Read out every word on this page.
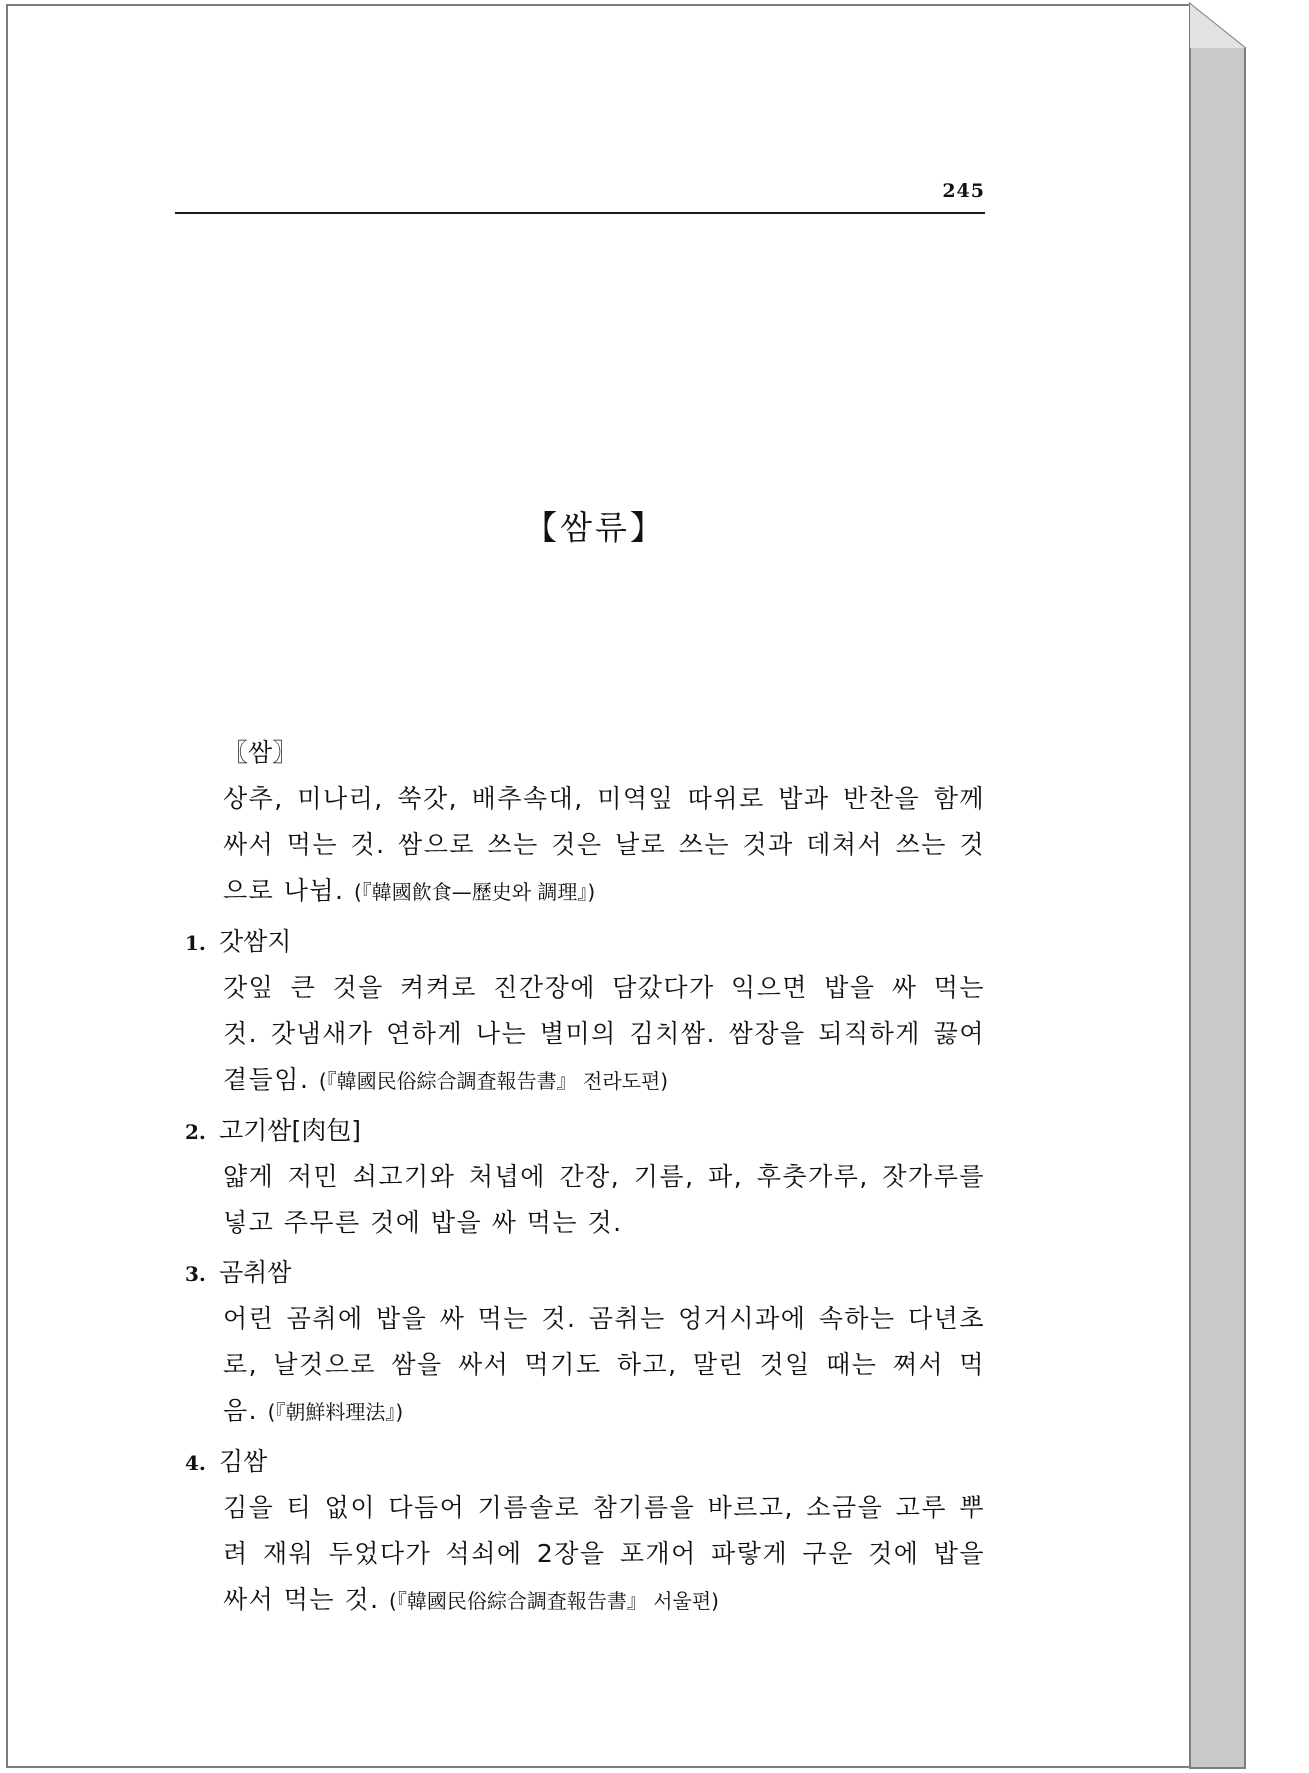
245
【쌈류】
〖쌈〗
상추, 미나리, 쑥갓, 배추속대, 미역잎 따위로 밥과 반찬을 함께
싸서 먹는 것. 쌈으로 쓰는 것은 날로 쓰는 것과 데쳐서 쓰는 것
으로 나뉨. (『韓國飮食—歷史와 調理』)
1. 갓쌈지
갓잎 큰 것을 켜켜로 진간장에 담갔다가 익으면 밥을 싸 먹는
것. 갓냄새가 연하게 나는 별미의 김치쌈. 쌈장을 되직하게 끓여
곁들임. (『韓國民俗綜合調査報告書』 전라도편)
2. 고기쌈[肉包]
얇게 저민 쇠고기와 처녑에 간장, 기름, 파, 후춧가루, 잣가루를
넣고 주무른 것에 밥을 싸 먹는 것.
3. 곰취쌈
어린 곰취에 밥을 싸 먹는 것. 곰취는 엉거시과에 속하는 다년초
로, 날것으로 쌈을 싸서 먹기도 하고, 말린 것일 때는 쪄서 먹
음. (『朝鮮料理法』)
4. 김쌈
김을 티 없이 다듬어 기름솔로 참기름을 바르고, 소금을 고루 뿌
려 재워 두었다가 석쇠에 2장을 포개어 파랗게 구운 것에 밥을
싸서 먹는 것. (『韓國民俗綜合調査報告書』 서울편)
